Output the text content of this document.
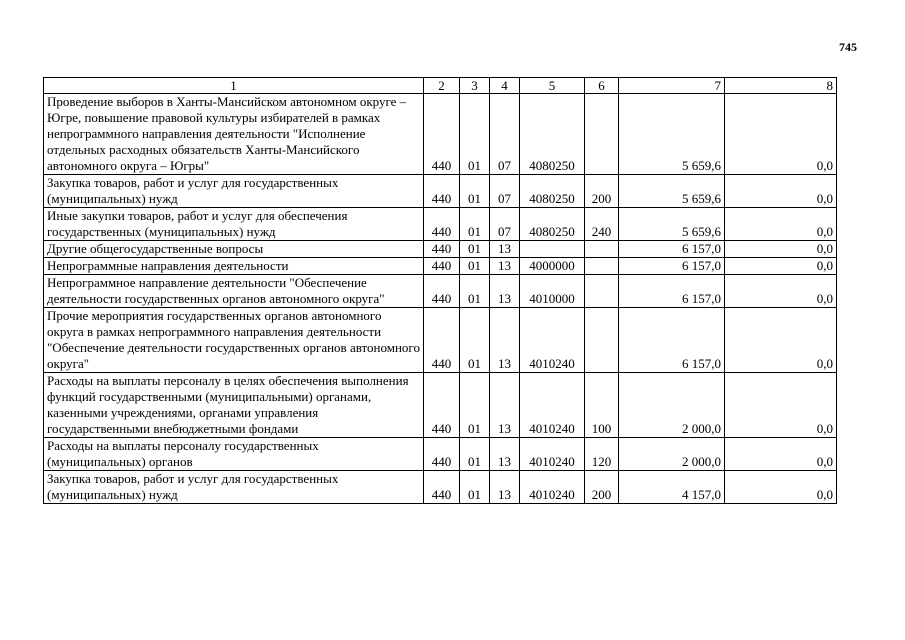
745
1	2	3	4	5	6	7	8
Проведение выборов в Ханты-Мансийском автономном округе – Югре, повышение правовой культуры избирателей в рамках непрограммного направления деятельности "Исполнение отдельных расходных обязательств Ханты-Мансийского автономного округа – Югры"	440	01	07	4080250		5 659,6	0,0
Закупка товаров, работ и услуг для государственных (муниципальных) нужд	440	01	07	4080250	200	5 659,6	0,0
Иные закупки товаров, работ и услуг для обеспечения государственных (муниципальных) нужд	440	01	07	4080250	240	5 659,6	0,0
Другие общегосударственные вопросы	440	01	13			6 157,0	0,0
Непрограммные направления деятельности	440	01	13	4000000		6 157,0	0,0
Непрограммное направление деятельности "Обеспечение деятельности государственных органов автономного округа"	440	01	13	4010000		6 157,0	0,0
Прочие мероприятия государственных органов автономного округа в рамках непрограммного направления деятельности "Обеспечение деятельности государственных органов автономного округа"	440	01	13	4010240		6 157,0	0,0
Расходы на выплаты персоналу в целях обеспечения выполнения функций государственными (муниципальными) органами, казенными учреждениями, органами управления государственными внебюджетными фондами	440	01	13	4010240	100	2 000,0	0,0
Расходы на выплаты персоналу государственных (муниципальных) органов	440	01	13	4010240	120	2 000,0	0,0
Закупка товаров, работ и услуг для государственных (муниципальных) нужд	440	01	13	4010240	200	4 157,0	0,0
